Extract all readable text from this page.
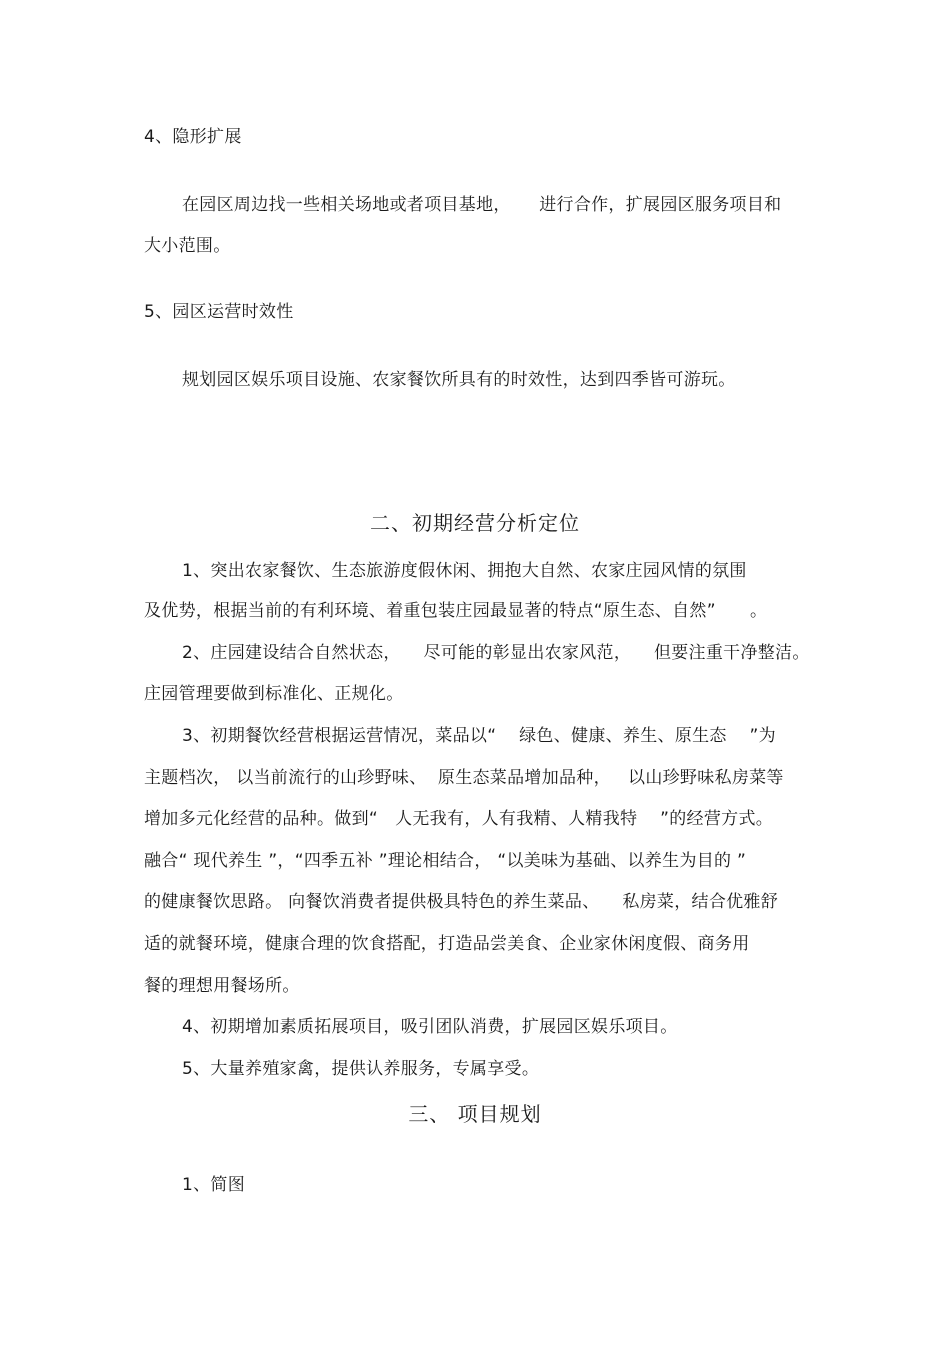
4、隐形扩展
在园区周边找一些相关场地或者项目基地，     进行合作，扩展园区服务项目和
大小范围。
5、园区运营时效性
规划园区娱乐项目设施、农家餐饮所具有的时效性，达到四季皆可游玩。
二、初期经营分析定位
1、突出农家餐饮、生态旅游度假休闲、拥抱大自然、农家庄园风情的氛围
及优势，根据当前的有利环境、着重包装庄园最显著的特点“原生态、自然”      。
2、庄园建设结合自然状态，    尽可能的彰显出农家风范，    但要注重干净整洁。
庄园管理要做到标准化、正规化。
3、初期餐饮经营根据运营情况，菜品以“    绿色、健康、养生、原生态    ”为
主题档次， 以当前流行的山珍野味、  原生态菜品增加品种，   以山珍野味私房菜等
增加多元化经营的品种。做到“   人无我有，人有我精、人精我特    ”的经营方式。
融合“ 现代养生 ”，“四季五补 ”理论相结合， “以美味为基础、以养生为目的 ”
的健康餐饮思路。 向餐饮消费者提供极具特色的养生菜品、    私房菜，结合优雅舒
适的就餐环境，健康合理的饮食搭配，打造品尝美食、企业家休闲度假、商务用
餐的理想用餐场所。
4、初期增加素质拓展项目，吸引团队消费，扩展园区娱乐项目。
5、大量养殖家禽，提供认养服务，专属享受。
三、 项目规划
1、简图
